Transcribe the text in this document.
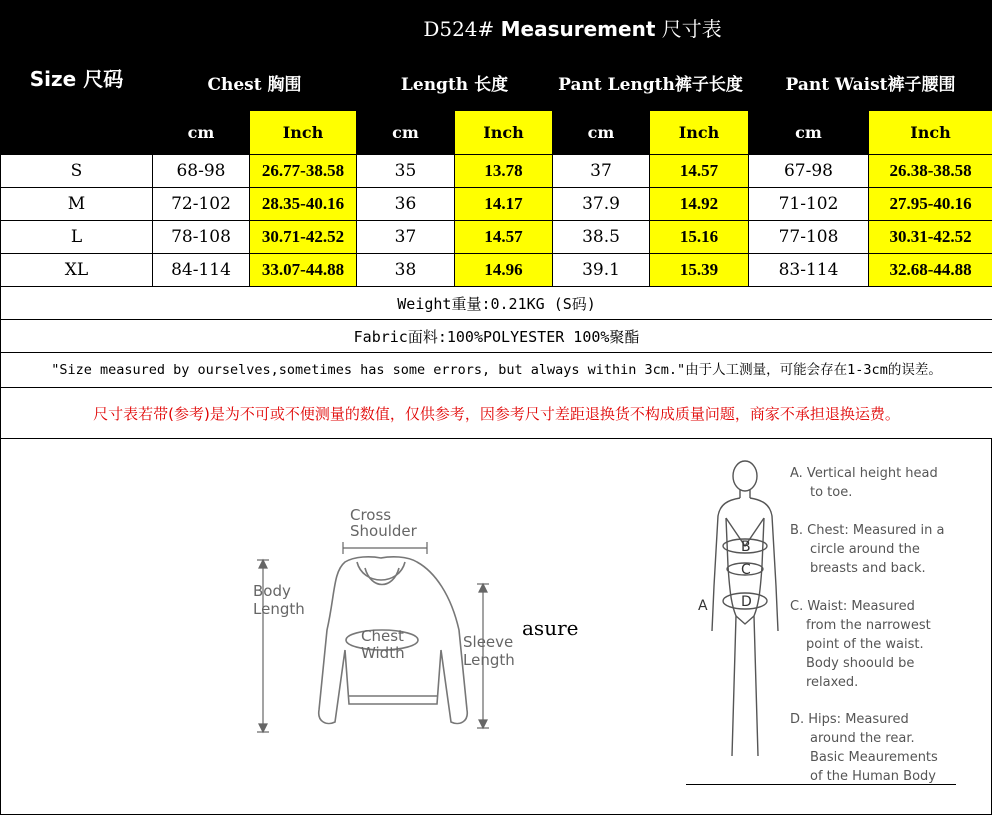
Size 尺码	D524# Measurement 尺寸表							
	Chest 胸围		Length 长度		Pant Length裤子长度		Pant Waist裤子腰围	
	cm	Inch	cm	Inch	cm	Inch	cm	Inch
S	68-98	26.77-38.58	35	13.78	37	14.57	67-98	26.38-38.58
M	72-102	28.35-40.16	36	14.17	37.9	14.92	71-102	27.95-40.16
L	78-108	30.71-42.52	37	14.57	38.5	15.16	77-108	30.31-42.52
XL	84-114	33.07-44.88	38	14.96	39.1	15.39	83-114	32.68-44.88
Weight重量:0.21KG (S码)								
Fabric面料:100%POLYESTER 100%聚酯								
"Size measured by ourselves,sometimes has some errors, but always within 3cm."由于人工测量，可能会存在1-3cm的误差。								
尺寸表若带(参考)是为不可或不便测量的数值，仅供参考，因参考尺寸差距退换货不构成质量问题，商家不承担退换运费。								
Cross
Shoulder
Body
Length
Chest
Width
Sleeve
Length
asure
A
B
C
D
A. Vertical height head
to toe.
B. Chest: Measured in a
circle around the
breasts and back.
C. Waist: Measured
from the narrowest
point of the waist.
Body shoould be
relaxed.
D. Hips: Measured
around the rear.
Basic Meaurements
of the Human Body
